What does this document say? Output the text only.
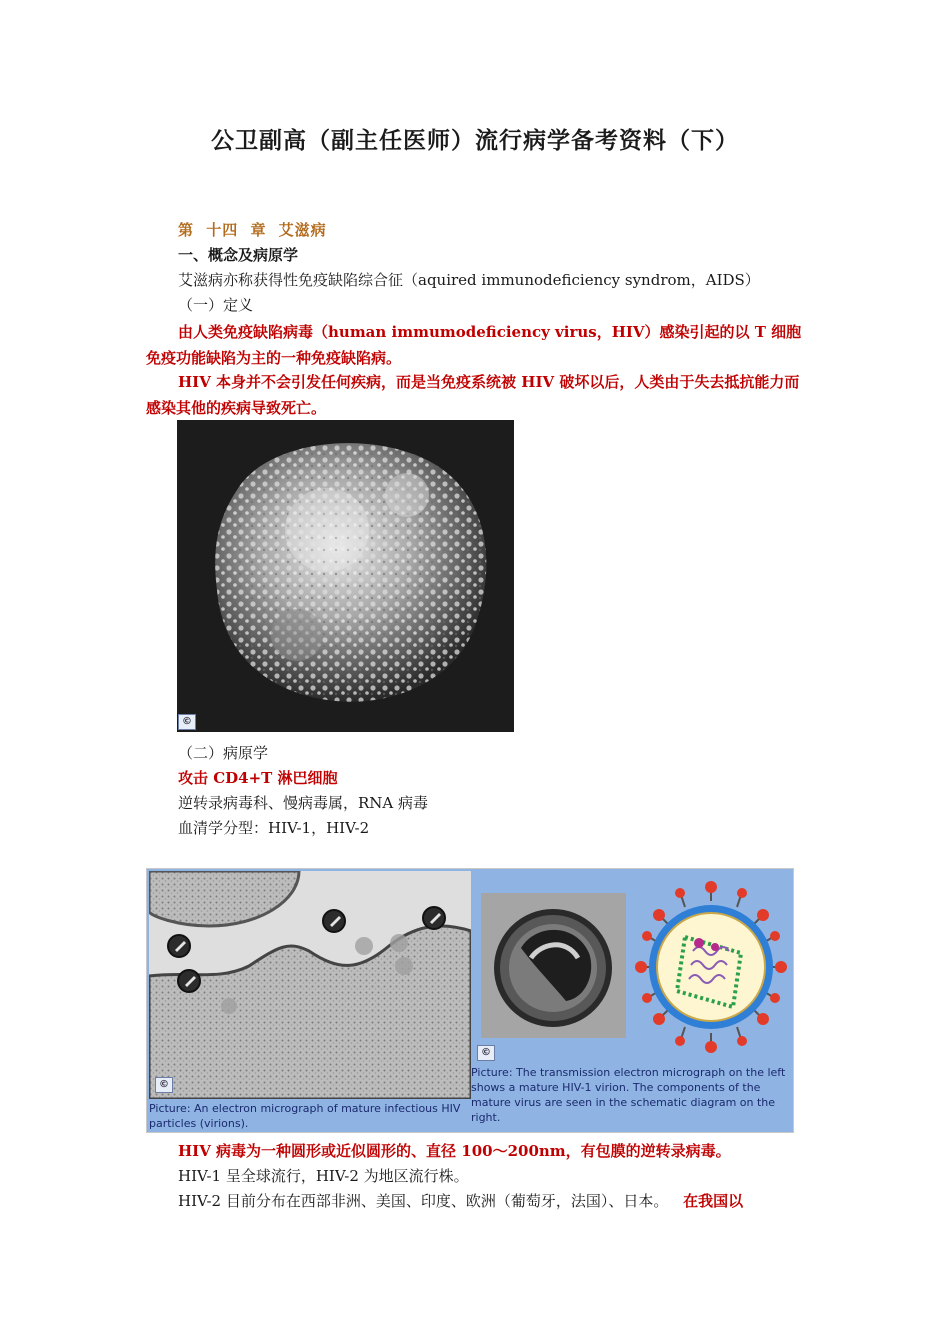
公卫副高（副主任医师）流行病学备考资料（下）
第 十四 章 艾滋病
一、概念及病原学
艾滋病亦称获得性免疫缺陷综合征（aquired immunodeficiency syndrom，AIDS）
（一）定义
由人类免疫缺陷病毒（human immumodeficiency virus，HIV）感染引起的以 T 细胞免疫功能缺陷为主的一种免疫缺陷病。
HIV 本身并不会引发任何疾病，而是当免疫系统被 HIV 破坏以后，人类由于失去抵抗能力而感染其他的疾病导致死亡。
©
（二）病原学
攻击 CD4+T 淋巴细胞
逆转录病毒科、慢病毒属，RNA 病毒
血清学分型：HIV-1，HIV-2
©
Picture: An electron micrograph of mature infectious HIV particles (virions).
©
Picture: The transmission electron micrograph on the left shows a mature HIV-1 virion. The components of the mature virus are seen in the schematic diagram on the right.
HIV 病毒为一种圆形或近似圆形的、直径 100～200nm，有包膜的逆转录病毒。
HIV-1 呈全球流行，HIV-2 为地区流行株。
HIV-2 目前分布在西部非洲、美国、印度、欧洲（葡萄牙，法国）、日本。 在我国以
